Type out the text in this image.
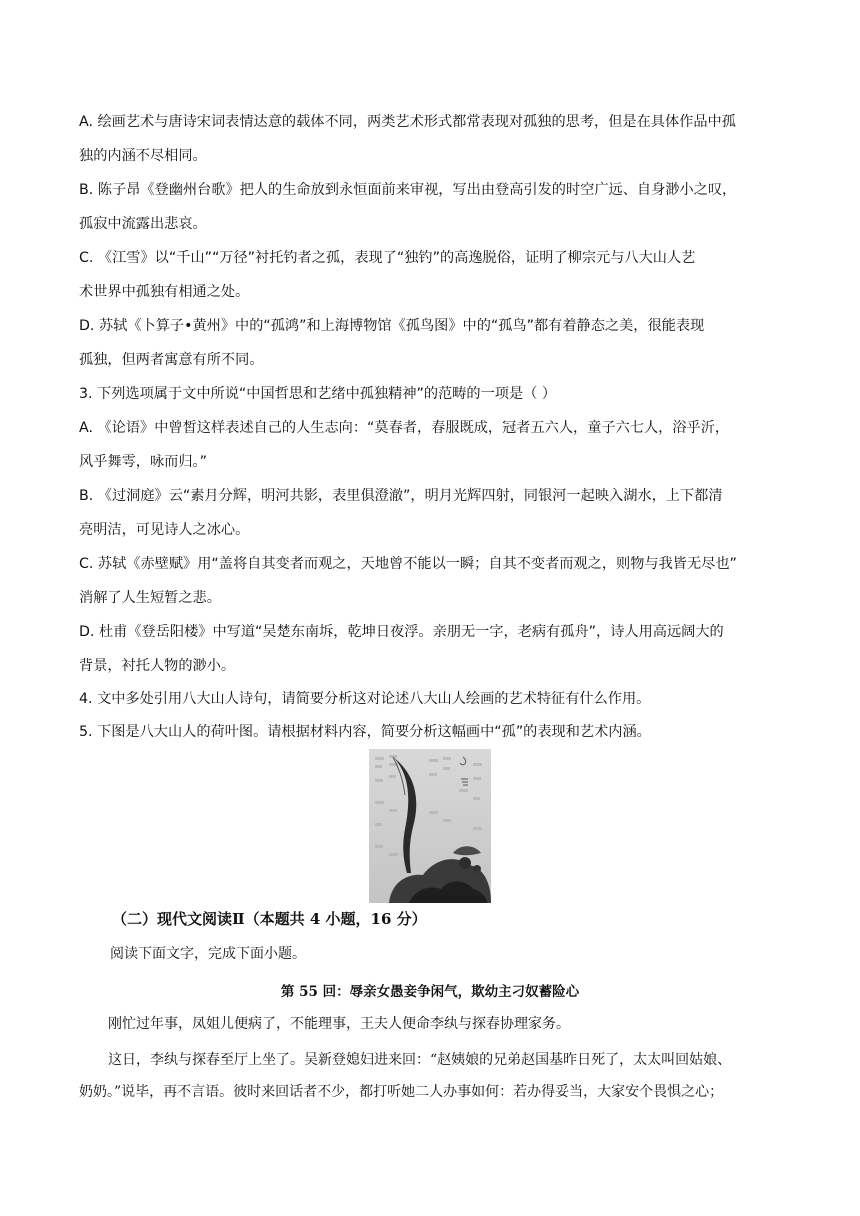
A. 绘画艺术与唐诗宋词表情达意的载体不同，两类艺术形式都常表现对孤独的思考，但是在具体作品中孤
独的内涵不尽相同。
B. 陈子昂《登幽州台歌》把人的生命放到永恒面前来审视，写出由登高引发的时空广远、自身渺小之叹，
孤寂中流露出悲哀。
C. 《江雪》以“千山”“万径”衬托钓者之孤，表现了“独钓”的高逸脱俗，证明了柳宗元与八大山人艺
术世界中孤独有相通之处。
D. 苏轼《卜算子•黄州》中的“孤鸿”和上海博物馆《孤鸟图》中的“孤鸟”都有着静态之美，很能表现
孤独，但两者寓意有所不同。
3. 下列选项属于文中所说“中国哲思和艺绪中孤独精神”的范畴的一项是（ ）
A. 《论语》中曾皙这样表述自己的人生志向：“莫春者，春服既成，冠者五六人，童子六七人，浴乎沂，
风乎舞雩，咏而归。”
B. 《过洞庭》云“素月分辉，明河共影，表里俱澄澈”，明月光辉四射，同银河一起映入湖水，上下都清
亮明洁，可见诗人之冰心。
C. 苏轼《赤壁赋》用“盖将自其变者而观之，天地曾不能以一瞬；自其不变者而观之，则物与我皆无尽也”
消解了人生短暂之悲。
D. 杜甫《登岳阳楼》中写道“吴楚东南坼，乾坤日夜浮。亲朋无一字，老病有孤舟”，诗人用高远阔大的
背景，衬托人物的渺小。
4. 文中多处引用八大山人诗句，请简要分析这对论述八大山人绘画的艺术特征有什么作用。
5. 下图是八大山人的荷叶图。请根据材料内容，简要分析这幅画中“孤”的表现和艺术内涵。
（二）现代文阅读Ⅱ（本题共 4 小题，16 分）
阅读下面文字，完成下面小题。
第 55 回：辱亲女愚妾争闲气，欺幼主刁奴蓄险心
刚忙过年事，凤姐儿便病了，不能理事，王夫人便命李纨与探春协理家务。
这日，李纨与探春至厅上坐了。吴新登媳妇进来回：“赵姨娘的兄弟赵国基昨日死了，太太叫回姑娘、
奶奶。”说毕，再不言语。彼时来回话者不少，都打听她二人办事如何：若办得妥当，大家安个畏惧之心；
